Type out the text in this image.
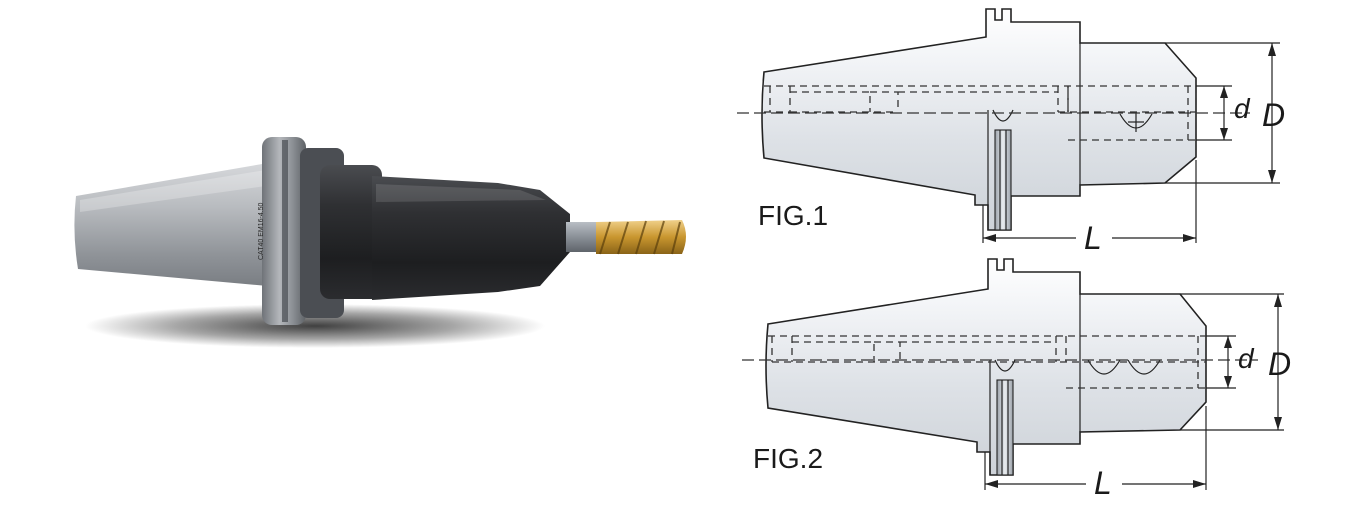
CAT40 EM16-4.50
d D
L
FIG.1
d D
L
FIG.2
